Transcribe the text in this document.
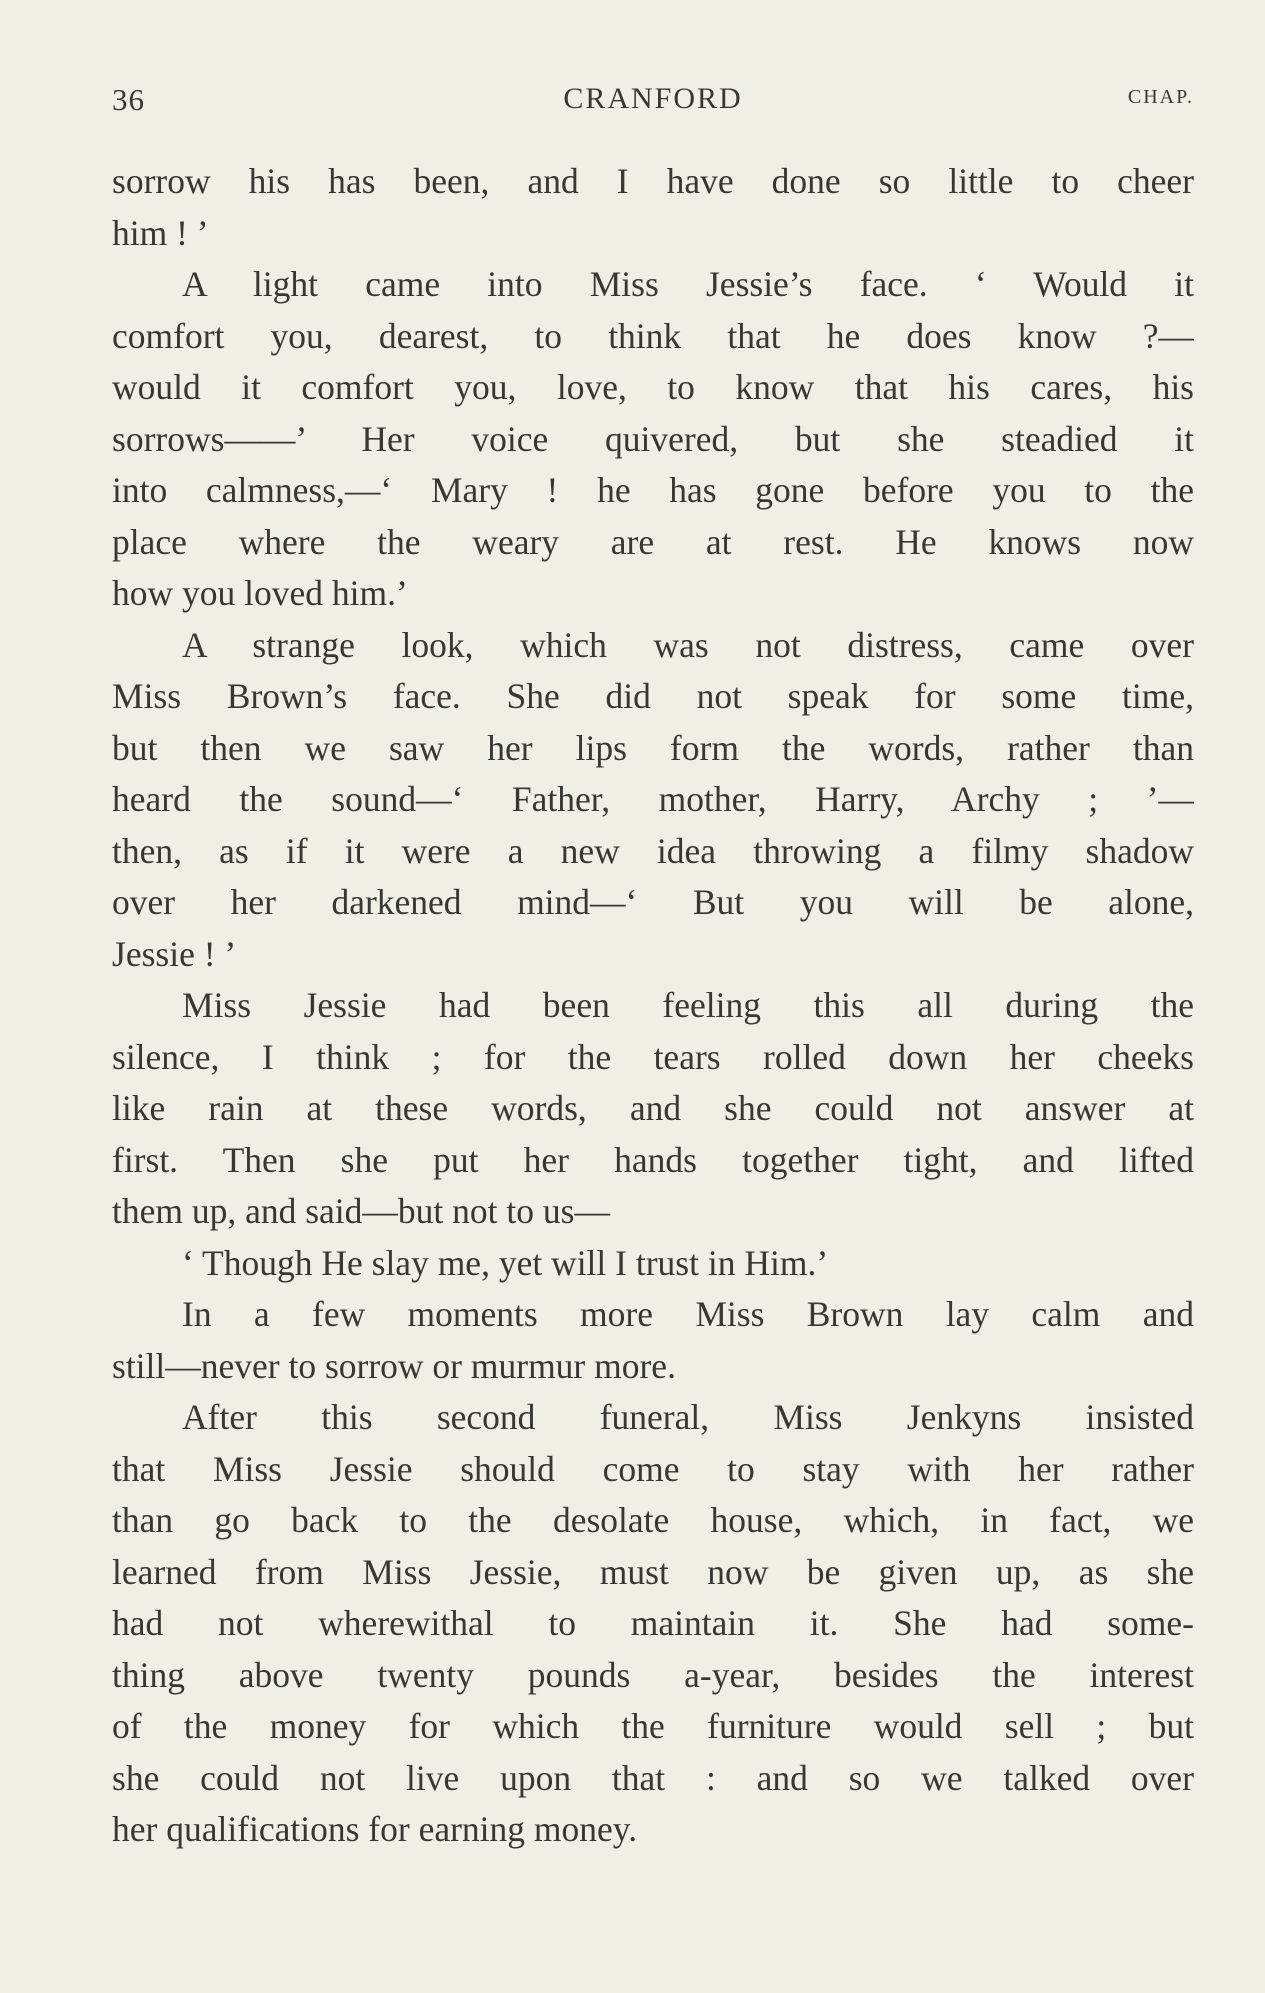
36	CRANFORD	CHAP.
sorrow his has been, and I have done so little to cheer
him ! ’
A light came into Miss Jessie’s face. ‘ Would it
comfort you, dearest, to think that he does know ?—
would it comfort you, love, to know that his cares, his
sorrows——’ Her voice quivered, but she steadied it
into calmness,—‘ Mary ! he has gone before you to the
place where the weary are at rest. He knows now
how you loved him.’
A strange look, which was not distress, came over
Miss Brown’s face. She did not speak for some time,
but then we saw her lips form the words, rather than
heard the sound—‘ Father, mother, Harry, Archy ; ’—
then, as if it were a new idea throwing a filmy shadow
over her darkened mind—‘ But you will be alone,
Jessie ! ’
Miss Jessie had been feeling this all during the
silence, I think ; for the tears rolled down her cheeks
like rain at these words, and she could not answer at
first. Then she put her hands together tight, and lifted
them up, and said—but not to us—
‘ Though He slay me, yet will I trust in Him.’
In a few moments more Miss Brown lay calm and
still—never to sorrow or murmur more.
After this second funeral, Miss Jenkyns insisted
that Miss Jessie should come to stay with her rather
than go back to the desolate house, which, in fact, we
learned from Miss Jessie, must now be given up, as she
had not wherewithal to maintain it. She had some-
thing above twenty pounds a-year, besides the interest
of the money for which the furniture would sell ; but
she could not live upon that : and so we talked over
her qualifications for earning money.
